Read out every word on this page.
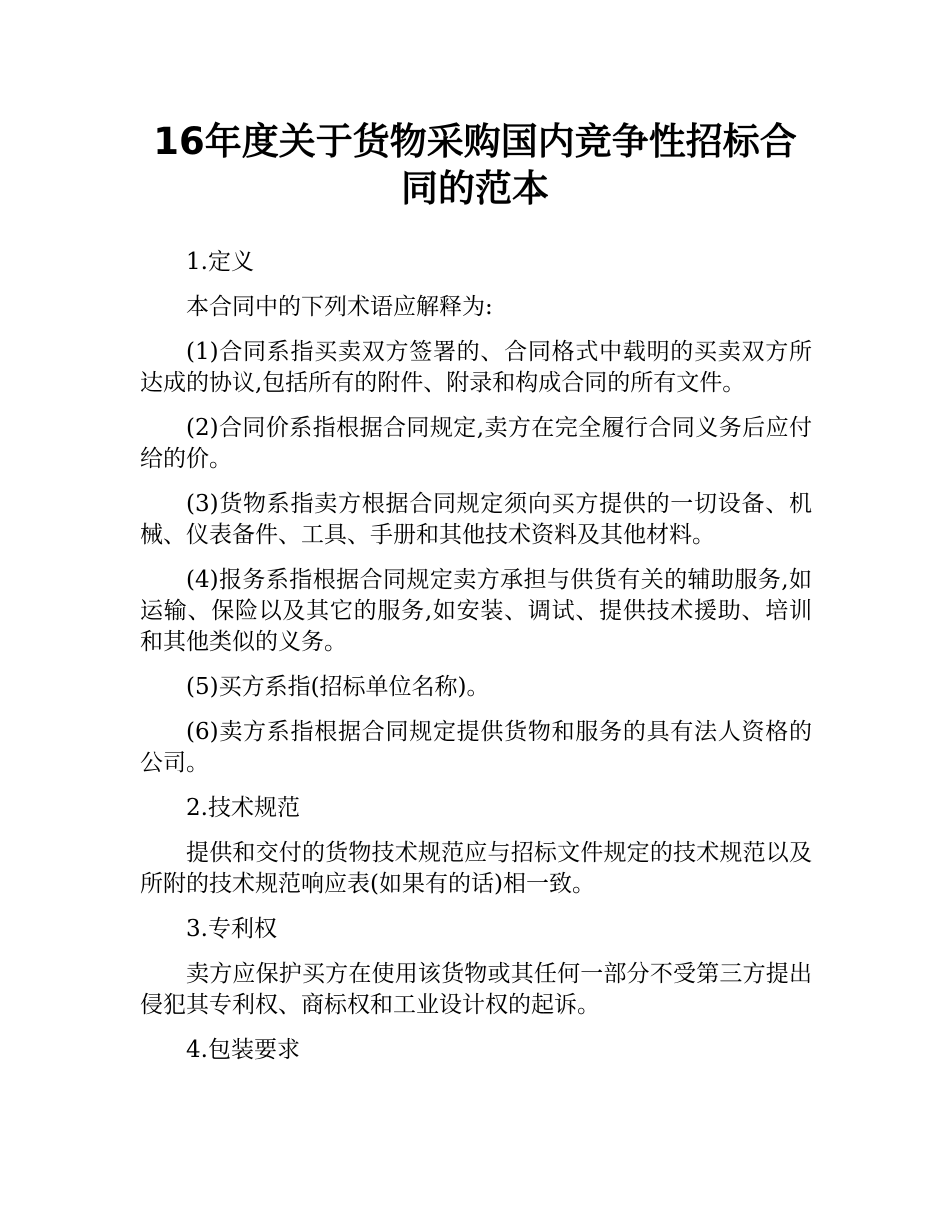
16年度关于货物采购国内竞争性招标合同的范本

1.定义

本合同中的下列术语应解释为:

(1)合同系指买卖双方签署的、合同格式中载明的买卖双方所达成的协议,包括所有的附件、附录和构成合同的所有文件。

(2)合同价系指根据合同规定,卖方在完全履行合同义务后应付给的价。

(3)货物系指卖方根据合同规定须向买方提供的一切设备、机械、仪表备件、工具、手册和其他技术资料及其他材料。

(4)报务系指根据合同规定卖方承担与供货有关的辅助服务,如运输、保险以及其它的服务,如安装、调试、提供技术援助、培训和其他类似的义务。

(5)买方系指(招标单位名称)。

(6)卖方系指根据合同规定提供货物和服务的具有法人资格的公司。

2.技术规范

提供和交付的货物技术规范应与招标文件规定的技术规范以及所附的技术规范响应表(如果有的话)相一致。

3.专利权

卖方应保护买方在使用该货物或其任何一部分不受第三方提出侵犯其专利权、商标权和工业设计权的起诉。

4.包装要求
